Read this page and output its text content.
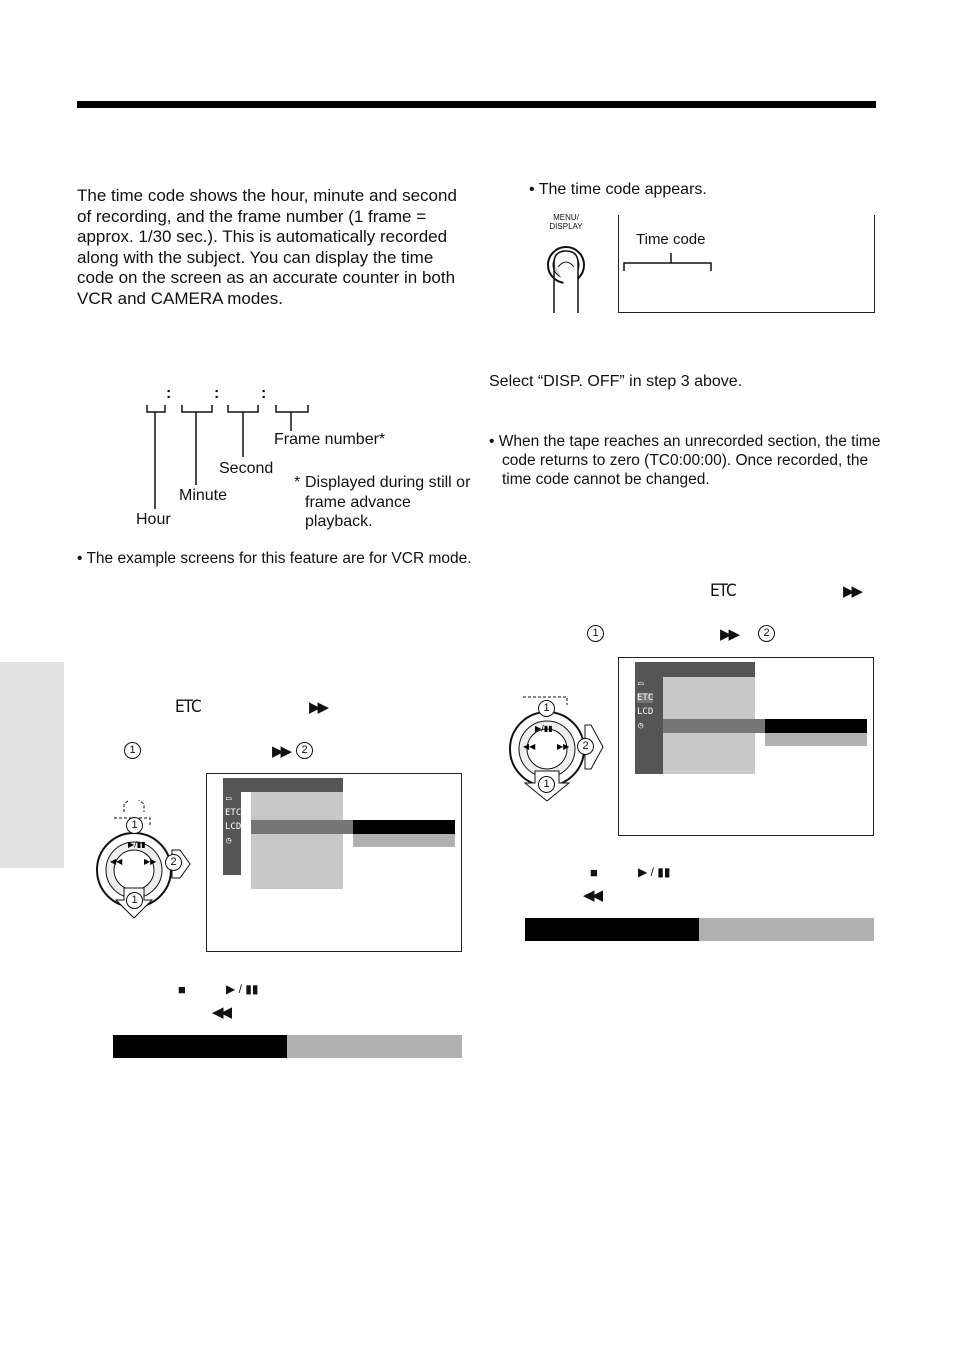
The time code shows the hour, minute and second of recording, and the frame number (1 frame = approx. 1/30 sec.). This is automatically recorded along with the subject. You can display the time code on the screen as an accurate counter in both VCR and CAMERA modes.
:	:	:
Frame number*
Second
Minute
Hour
* Displayed during still or frame advance playback.
• The example screens for this feature are for VCR mode.
ETC	▶▶
1	▶▶	2
▶/▮▮
◀◀	▶▶
1
2
1
▭
ETC
LCD
◷
■	▶ / ▮▮
◀◀
• The time code appears.
MENU/ DISPLAY
Time code
Select “DISP. OFF” in step 3 above.
• When the tape reaches an unrecorded section, the time code returns to zero (TC0:00:00). Once recorded, the time code cannot be changed.
ETC	▶▶
1	▶▶	2
▶/▮▮
◀◀	▶▶
1
2
1
▭
ETC
LCD
◷
■	▶ / ▮▮
◀◀
